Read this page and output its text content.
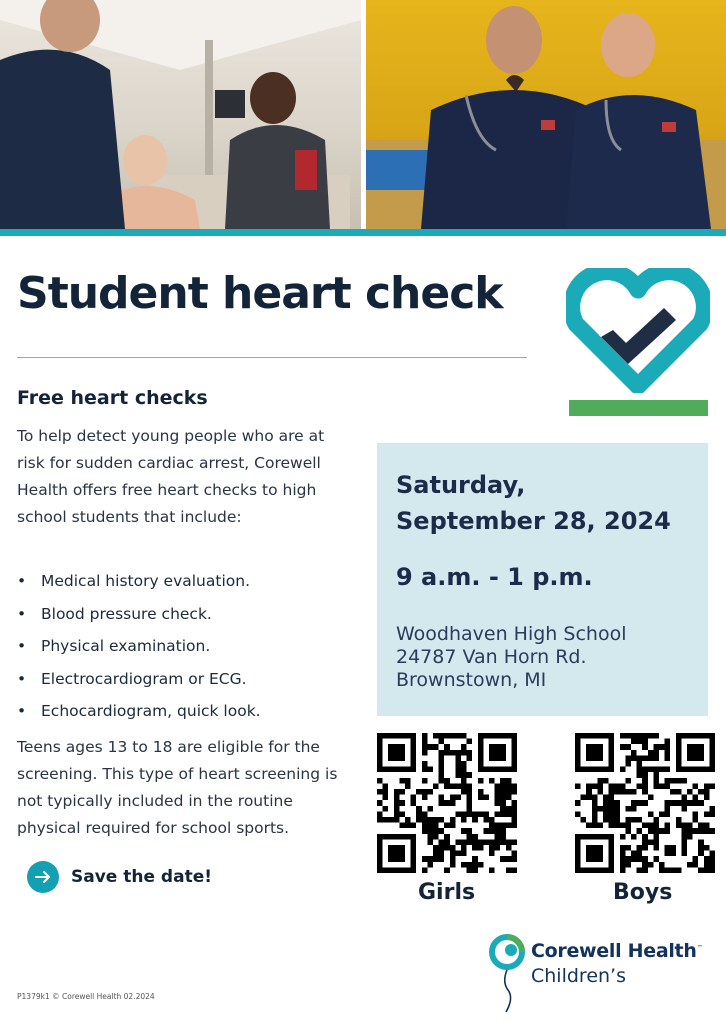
Student heart check
Free heart checks

To help detect young people who are at risk for sudden cardiac arrest, Corewell Health offers free heart checks to high school students that include:

• Medical history evaluation.
• Blood pressure check.
• Physical examination.
• Electrocardiogram or ECG.
• Echocardiogram, quick look.

Teens ages 13 to 18 are eligible for the screening. This type of heart screening is not typically included in the routine physical required for school sports.

Save the date!
Saturday,
September 28, 2024
9 a.m. - 1 p.m.
Woodhaven High School
24787 Van Horn Rd.
Brownstown, MI
Girls	Boys
Corewell Health™
Children’s
P1379k1 © Corewell Health 02.2024
